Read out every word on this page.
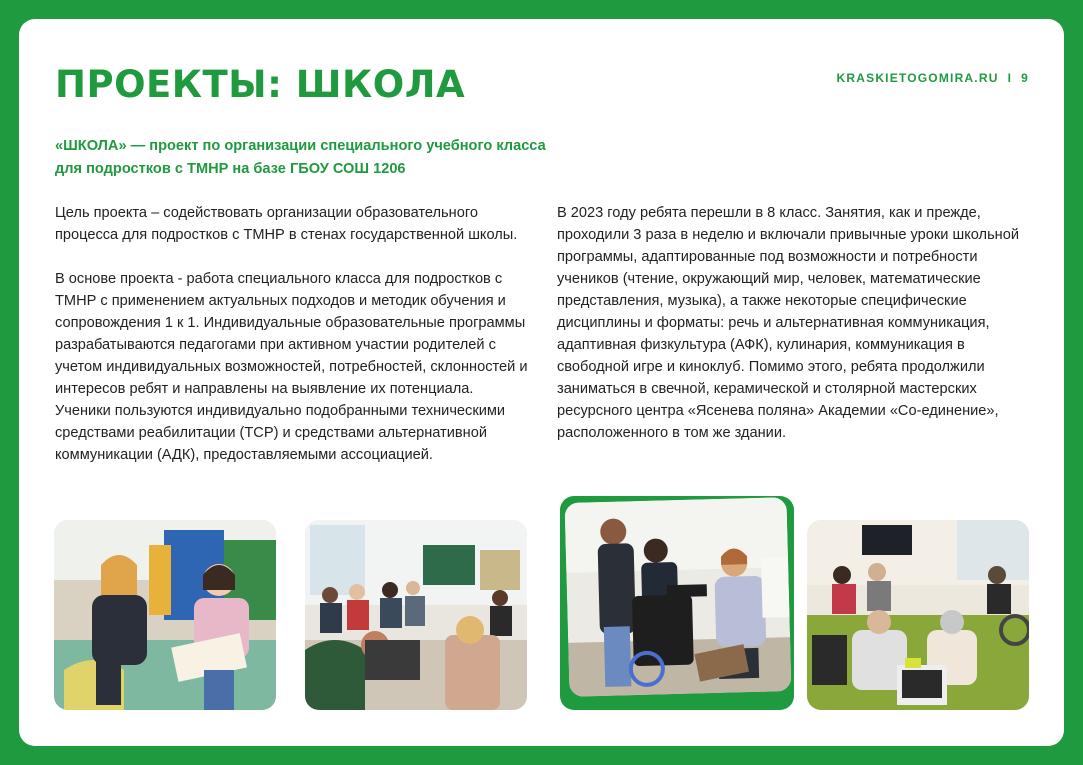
ПРОЕКТЫ: ШКОЛА	KRASKIETOGOMIRA.RU I 9
«ШКОЛА» — проект по организации специального учебного класса
для подростков с ТМНР на базе ГБОУ СОШ 1206

Цель проекта – содействовать организации образовательного процесса для подростков с ТМНР в стенах государственной школы.

В основе проекта - работа специального класса для подростков с ТМНР с применением актуальных подходов и методик обучения и сопровождения 1 к 1. Индивидуальные образовательные программы разрабатываются педагогами при активном участии родителей с учетом индивидуальных возможностей, потребностей, склонностей и интересов ребят и направлены на выявление их потенциала. Ученики пользуются индивидуально подобранными техническими средствами реабилитации (ТСР) и средствами альтернативной коммуникации (АДК), предоставляемыми ассоциацией.

В 2023 году ребята перешли в 8 класс. Занятия, как и прежде, проходили 3 раза в неделю и включали привычные уроки школьной программы, адаптированные под возможности и потребности учеников (чтение, окружающий мир, человек, математические представления, музыка), а также некоторые специфические дисциплины и форматы: речь и альтернативная коммуникация, адаптивная физкультура (АФК), кулинария, коммуникация в свободной игре и киноклуб. Помимо этого, ребята продолжили заниматься в свечной, керамической и столярной мастерских ресурсного центра «Ясенева поляна» Академии «Со-единение», расположенного в том же здании.
